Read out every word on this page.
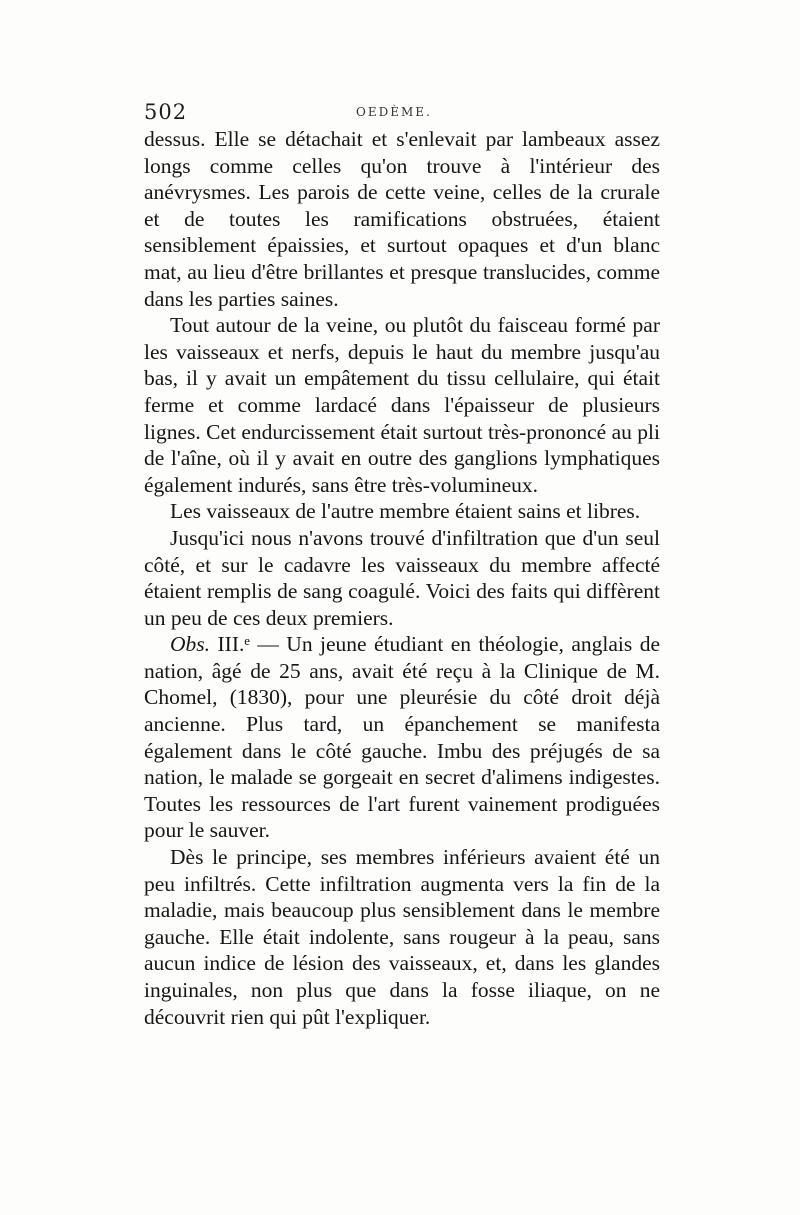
502	OEDÈME.

dessus. Elle se détachait et s'enlevait par lambeaux assez longs comme celles qu'on trouve à l'intérieur des anévrysmes. Les parois de cette veine, celles de la crurale et de toutes les ramifications obstruées, étaient sensiblement épaissies, et surtout opaques et d'un blanc mat, au lieu d'être brillantes et presque translucides, comme dans les parties saines.

Tout autour de la veine, ou plutôt du faisceau formé par les vaisseaux et nerfs, depuis le haut du membre jusqu'au bas, il y avait un empâtement du tissu cellulaire, qui était ferme et comme lardacé dans l'épaisseur de plusieurs lignes. Cet endurcissement était surtout très-prononcé au pli de l'aîne, où il y avait en outre des ganglions lymphatiques également indurés, sans être très-volumineux.

Les vaisseaux de l'autre membre étaient sains et libres.

Jusqu'ici nous n'avons trouvé d'infiltration que d'un seul côté, et sur le cadavre les vaisseaux du membre affecté étaient remplis de sang coagulé. Voici des faits qui diffèrent un peu de ces deux premiers.

Obs. III.ᵉ — Un jeune étudiant en théologie, anglais de nation, âgé de 25 ans, avait été reçu à la Clinique de M. Chomel, (1830), pour une pleurésie du côté droit déjà ancienne. Plus tard, un épanchement se manifesta également dans le côté gauche. Imbu des préjugés de sa nation, le malade se gorgeait en secret d'alimens indigestes. Toutes les ressources de l'art furent vainement prodiguées pour le sauver.

Dès le principe, ses membres inférieurs avaient été un peu infiltrés. Cette infiltration augmenta vers la fin de la maladie, mais beaucoup plus sensiblement dans le membre gauche. Elle était indolente, sans rougeur à la peau, sans aucun indice de lésion des vaisseaux, et, dans les glandes inguinales, non plus que dans la fosse iliaque, on ne découvrit rien qui pût l'expliquer.
